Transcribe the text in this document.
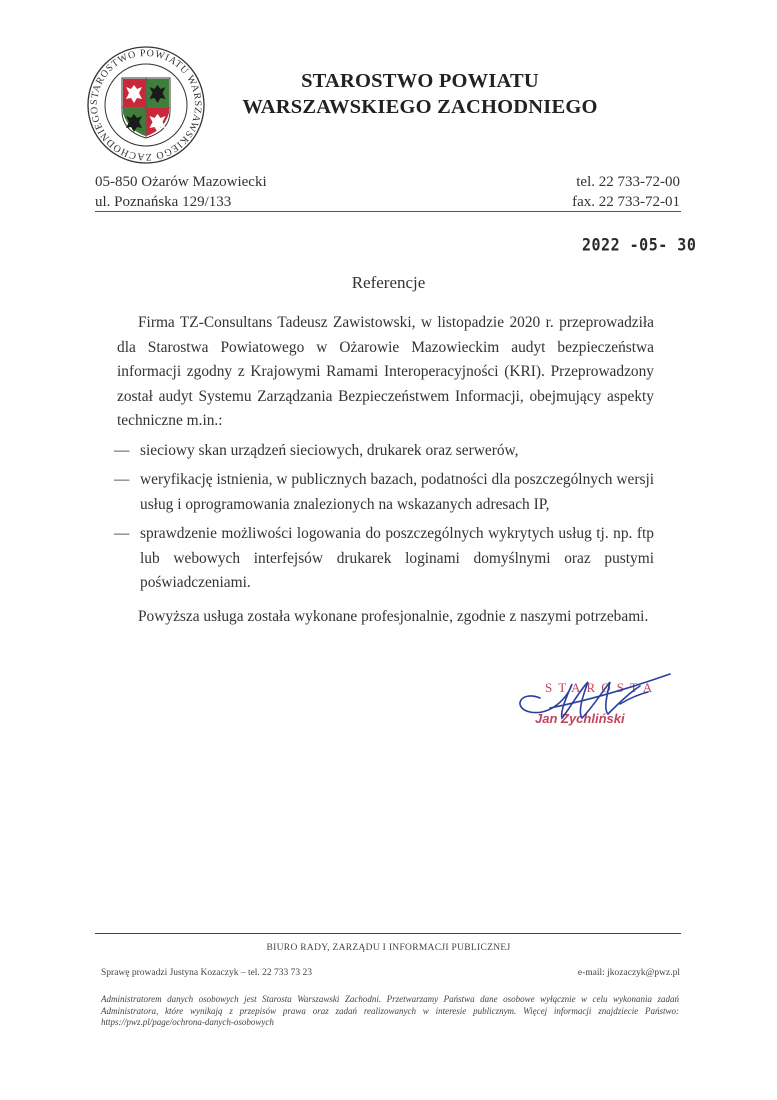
STAROSTWO POWIATU WARSZAWSKIEGO ZACHODNIEGO
STAROSTWO POWIATU
WARSZAWSKIEGO ZACHODNIEGO
05-850 Ożarów Mazowiecki
ul. Poznańska 129/133
tel. 22 733-72-00
fax. 22 733-72-01
2022 -05- 30
Referencje

Firma TZ-Consultans Tadeusz Zawistowski, w listopadzie 2020 r. przeprowadziła dla Starostwa Powiatowego w Ożarowie Mazowieckim audyt bezpieczeństwa informacji zgodny z Krajowymi Ramami Interoperacyjności (KRI). Przeprowadzony został audyt Systemu Zarządzania Bezpieczeństwem Informacji, obejmujący aspekty techniczne m.in.:

— sieciowy skan urządzeń sieciowych, drukarek oraz serwerów,
— weryfikację istnienia, w publicznych bazach, podatności dla poszczególnych wersji usług i oprogramowania znalezionych na wskazanych adresach IP,
— sprawdzenie możliwości logowania do poszczególnych wykrytych usług tj. np. ftp lub webowych interfejsów drukarek loginami domyślnymi oraz pustymi poświadczeniami.

Powyższa usługa została wykonane profesjonalnie, zgodnie z naszymi potrzebami.

STAROSTA
Jan Żychliński
BIURO RADY, ZARZĄDU I INFORMACJI PUBLICZNEJ
Sprawę prowadzi Justyna Kozaczyk – tel. 22 733 73 23	e-mail: jkozaczyk@pwz.pl
Administratorem danych osobowych jest Starosta Warszawski Zachodni. Przetwarzamy Państwa dane osobowe wyłącznie w celu wykonania zadań Administratora, które wynikają z przepisów prawa oraz zadań realizowanych w interesie publicznym. Więcej informacji znajdziecie Państwo: https://pwz.pl/page/ochrona-danych-osobowych
